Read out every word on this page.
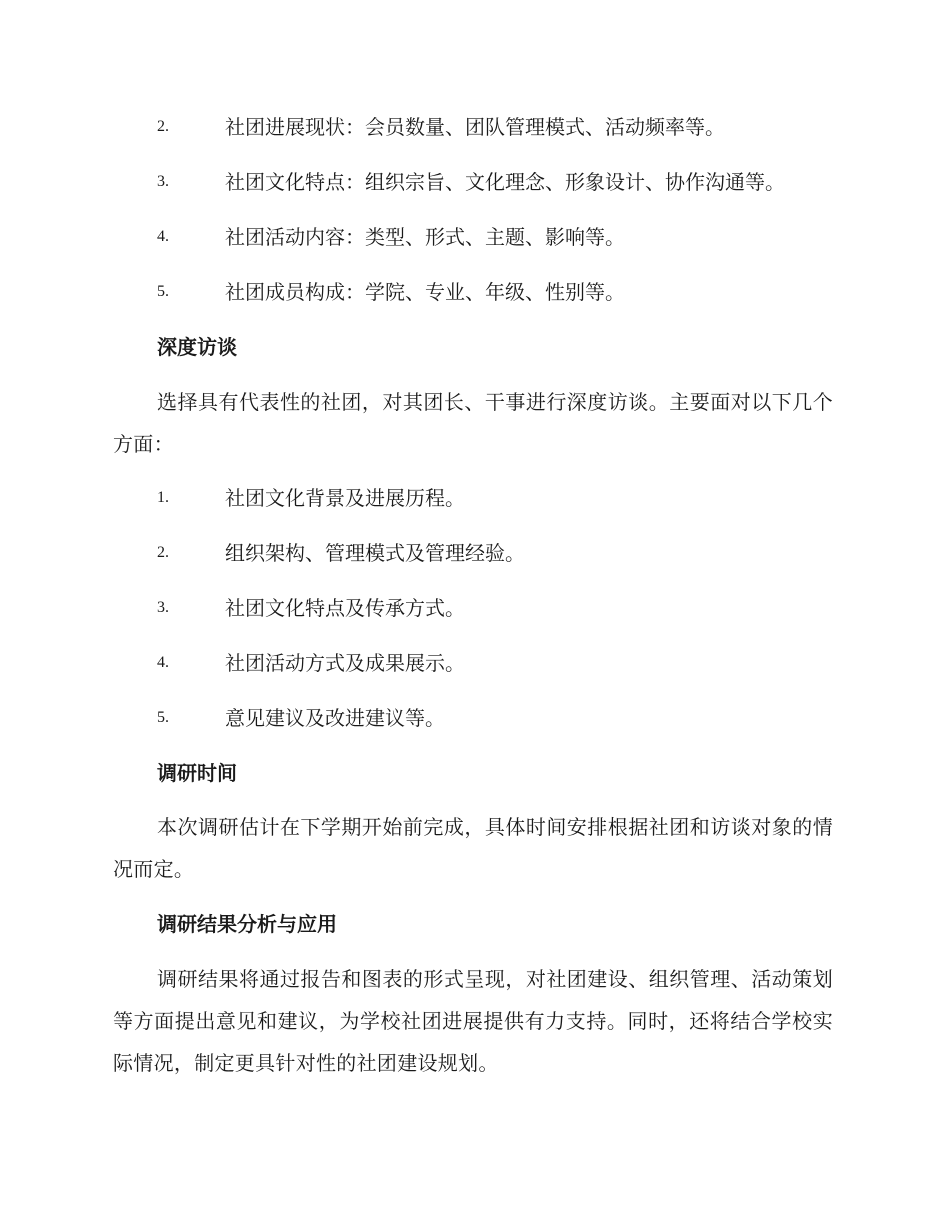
2.	社团进展现状：会员数量、团队管理模式、活动频率等。
3.	社团文化特点：组织宗旨、文化理念、形象设计、协作沟通等。
4.	社团活动内容：类型、形式、主题、影响等。
5.	社团成员构成：学院、专业、年级、性别等。
深度访谈
选择具有代表性的社团，对其团长、干事进行深度访谈。主要面对以下几个方面：
1.	社团文化背景及进展历程。
2.	组织架构、管理模式及管理经验。
3.	社团文化特点及传承方式。
4.	社团活动方式及成果展示。
5.	意见建议及改进建议等。
调研时间
本次调研估计在下学期开始前完成，具体时间安排根据社团和访谈对象的情况而定。
调研结果分析与应用
调研结果将通过报告和图表的形式呈现，对社团建设、组织管理、活动策划等方面提出意见和建议，为学校社团进展提供有力支持。同时，还将结合学校实际情况，制定更具针对性的社团建设规划。
